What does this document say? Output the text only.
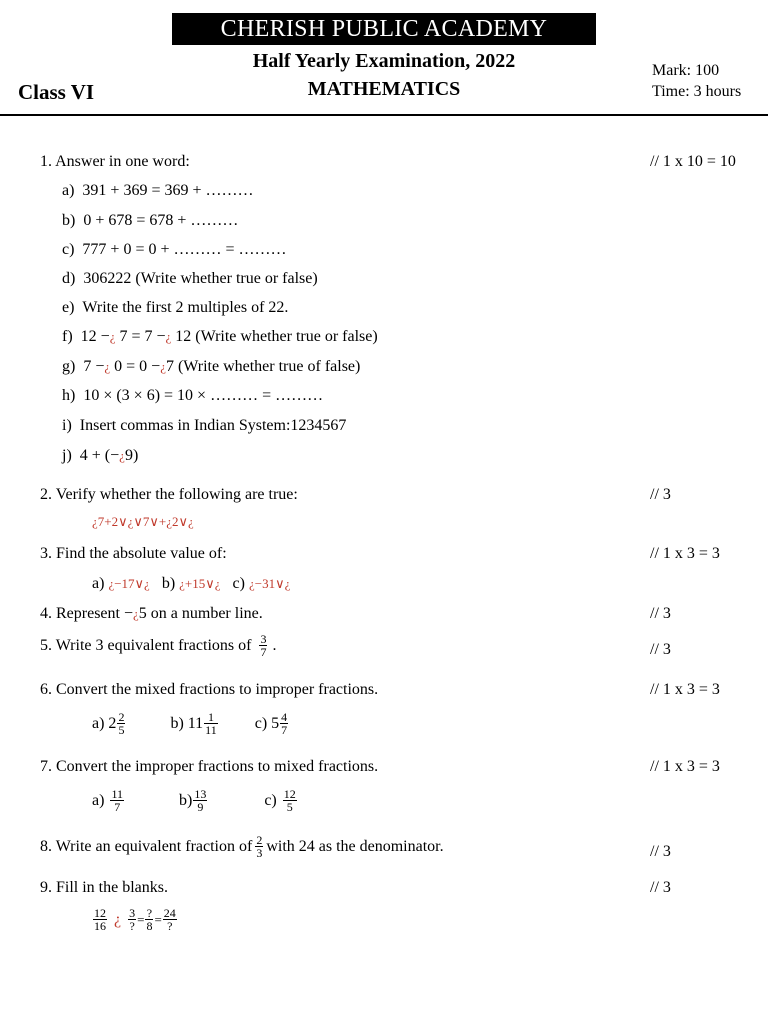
CHERISH PUBLIC ACADEMY
Half Yearly Examination, 2022
MATHEMATICS
Class VI
Mark: 100
Time: 3 hours
1. Answer in one word:	// 1 x 10 = 10
a)  391 + 369 = 369 + ………
b)  0 + 678 = 678 + ………
c)  777 + 0 = 0 + ……… = ………
d)  306222 (Write whether true or false)
e)  Write the first 2 multiples of 22.
f)  12 −¿ 7 = 7 −¿ 12 (Write whether true or false)
g)  7 −¿ 0 = 0 −¿7 (Write whether true of false)
h)  10 × (3 × 6) = 10 × ……… = ………
i)  Insert commas in Indian System:1234567
j)  4 + (−¿9)
2. Verify whether the following are true:	// 3
¿7+2∨¿∨7∨+¿2∨¿
3. Find the absolute value of:	// 1 x 3 = 3
a) ¿−17∨¿ b) ¿+15∨¿ c) ¿−31∨¿
4. Represent −¿5 on a number line.	// 3
5. Write 3 equivalent fractions of $\frac{3}{7}$ .	// 3
6. Convert the mixed fractions to improper fractions.	// 1 x 3 = 3
a) $2 \frac{2}{5}$	b) $11 \frac{1}{11} c$) $5 \frac{4}{7}$
7. Convert the improper fractions to mixed fractions.	// 1 x 3 = 3
$a) \frac{11}{7}$	$b) \frac{13}{9}$	$c) \frac{12}{5}$
8. Write an equivalent fraction of $\frac{2}{3}$ with 24 as the denominator.	// 3
9. Fill in the blanks.	// 3
$\frac{12}{16}$ ¿ 3
? = ?
8 = 24
?
